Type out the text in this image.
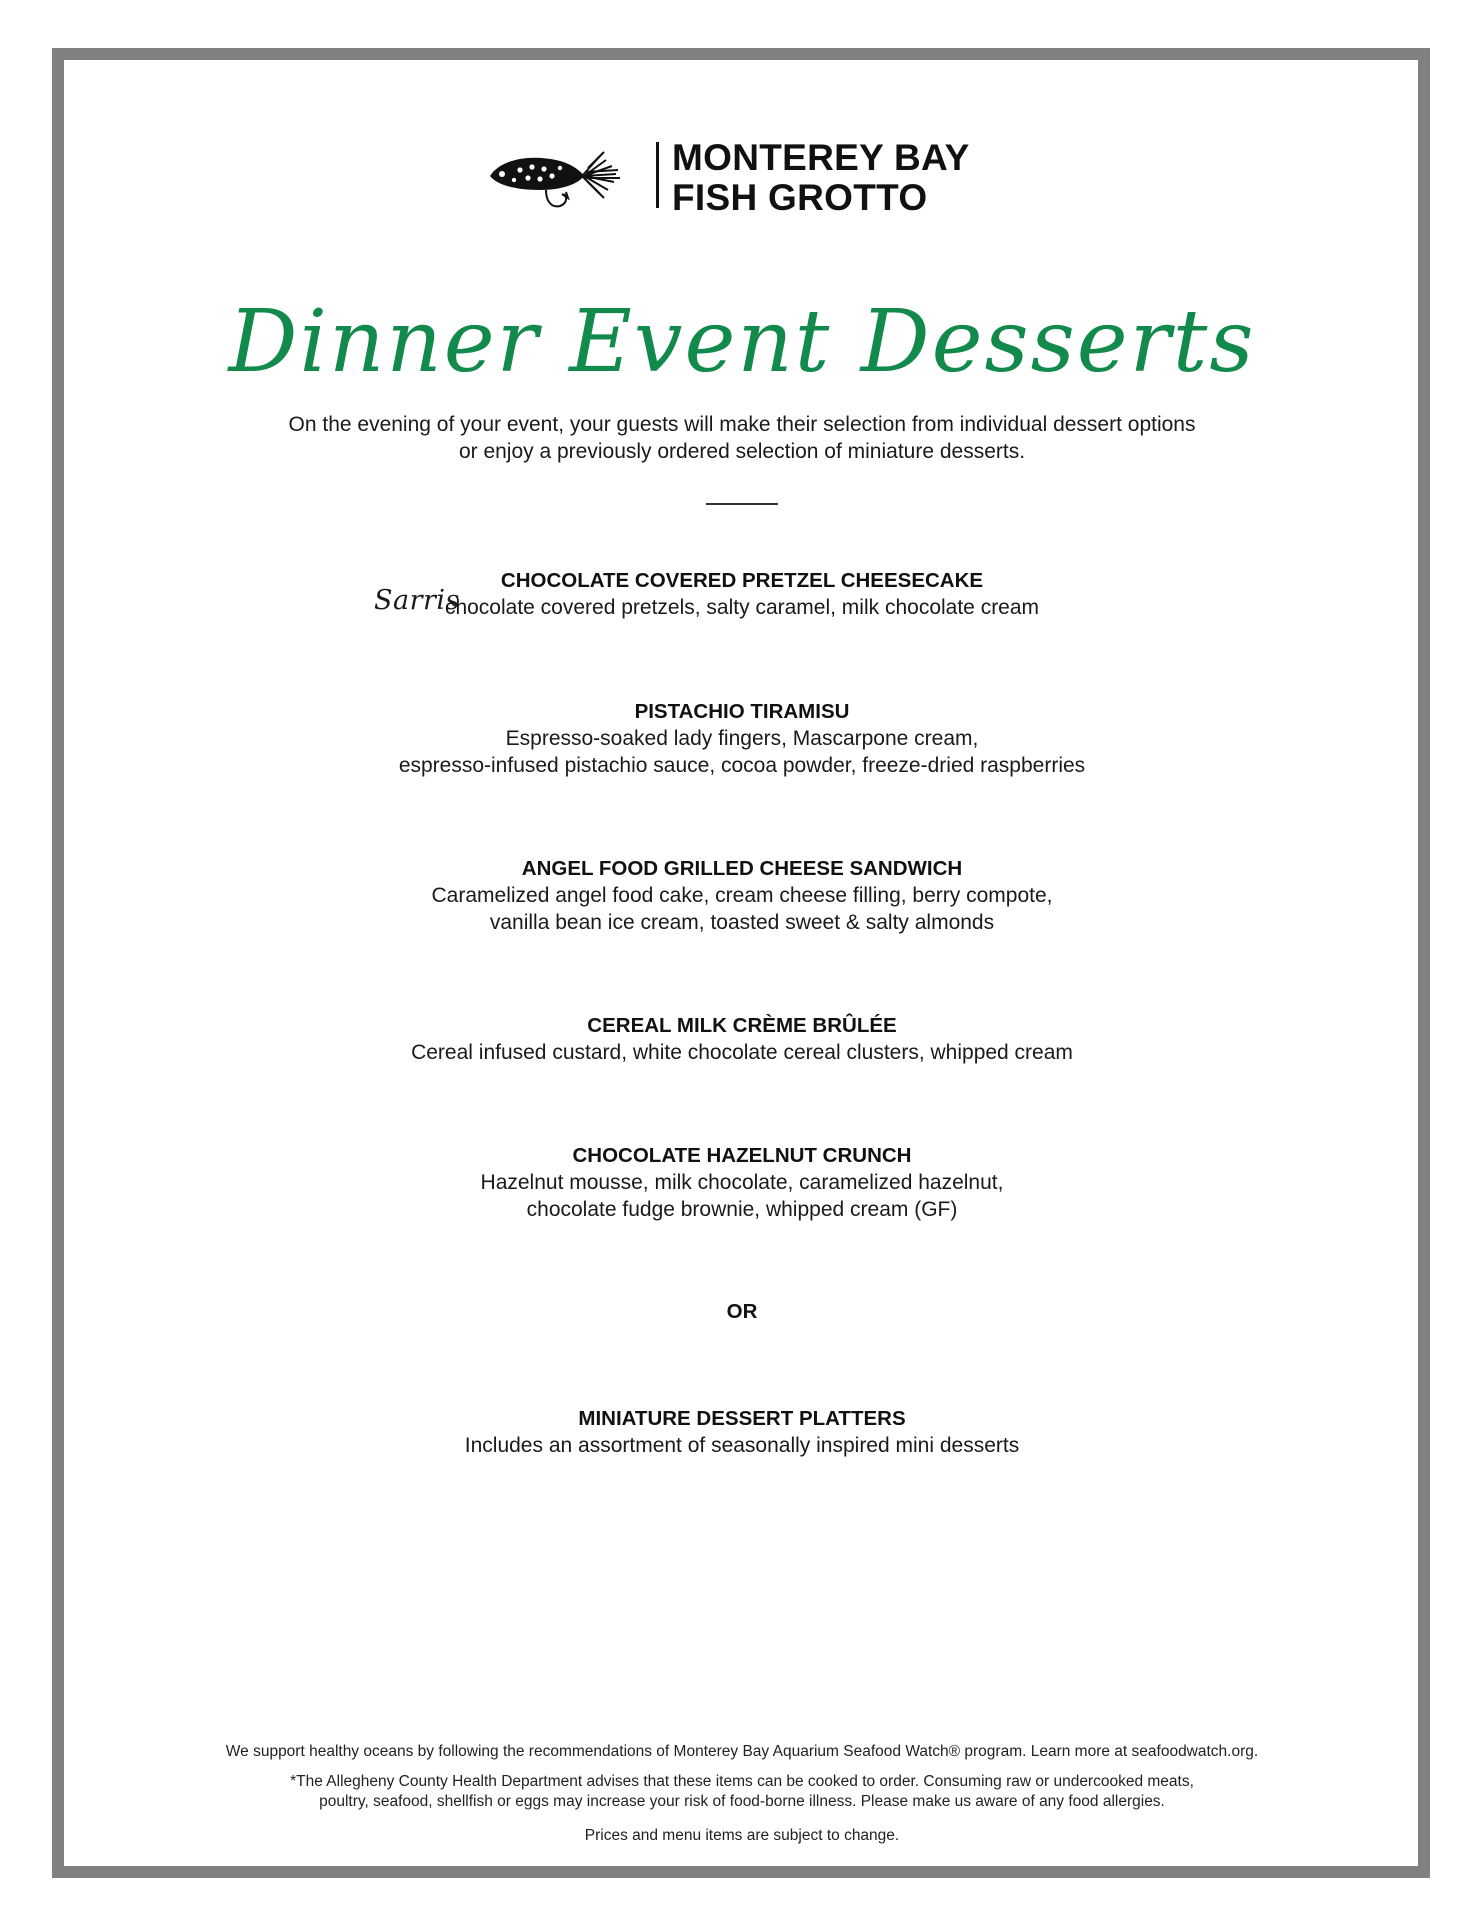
MONTEREY BAY
FISH GROTTO
Dinner Event Desserts
On the evening of your event, your guests will make their selection from individual dessert options
or enjoy a previously ordered selection of miniature desserts.
CHOCOLATE COVERED PRETZEL CHEESECAKE
chocolate covered pretzels, salty caramel, milk chocolate cream
Sarris
PISTACHIO TIRAMISU
Espresso-soaked lady fingers, Mascarpone cream,
espresso-infused pistachio sauce, cocoa powder, freeze-dried raspberries
ANGEL FOOD GRILLED CHEESE SANDWICH
Caramelized angel food cake, cream cheese filling, berry compote,
vanilla bean ice cream, toasted sweet & salty almonds
CEREAL MILK CRÈME BRÛLÉE
Cereal infused custard, white chocolate cereal clusters, whipped cream
CHOCOLATE HAZELNUT CRUNCH
Hazelnut mousse, milk chocolate, caramelized hazelnut,
chocolate fudge brownie, whipped cream (GF)
OR
MINIATURE DESSERT PLATTERS
Includes an assortment of seasonally inspired mini desserts
We support healthy oceans by following the recommendations of Monterey Bay Aquarium Seafood Watch® program. Learn more at seafoodwatch.org.
*The Allegheny County Health Department advises that these items can be cooked to order. Consuming raw or undercooked meats,
poultry, seafood, shellfish or eggs may increase your risk of food-borne illness. Please make us aware of any food allergies.
Prices and menu items are subject to change.
